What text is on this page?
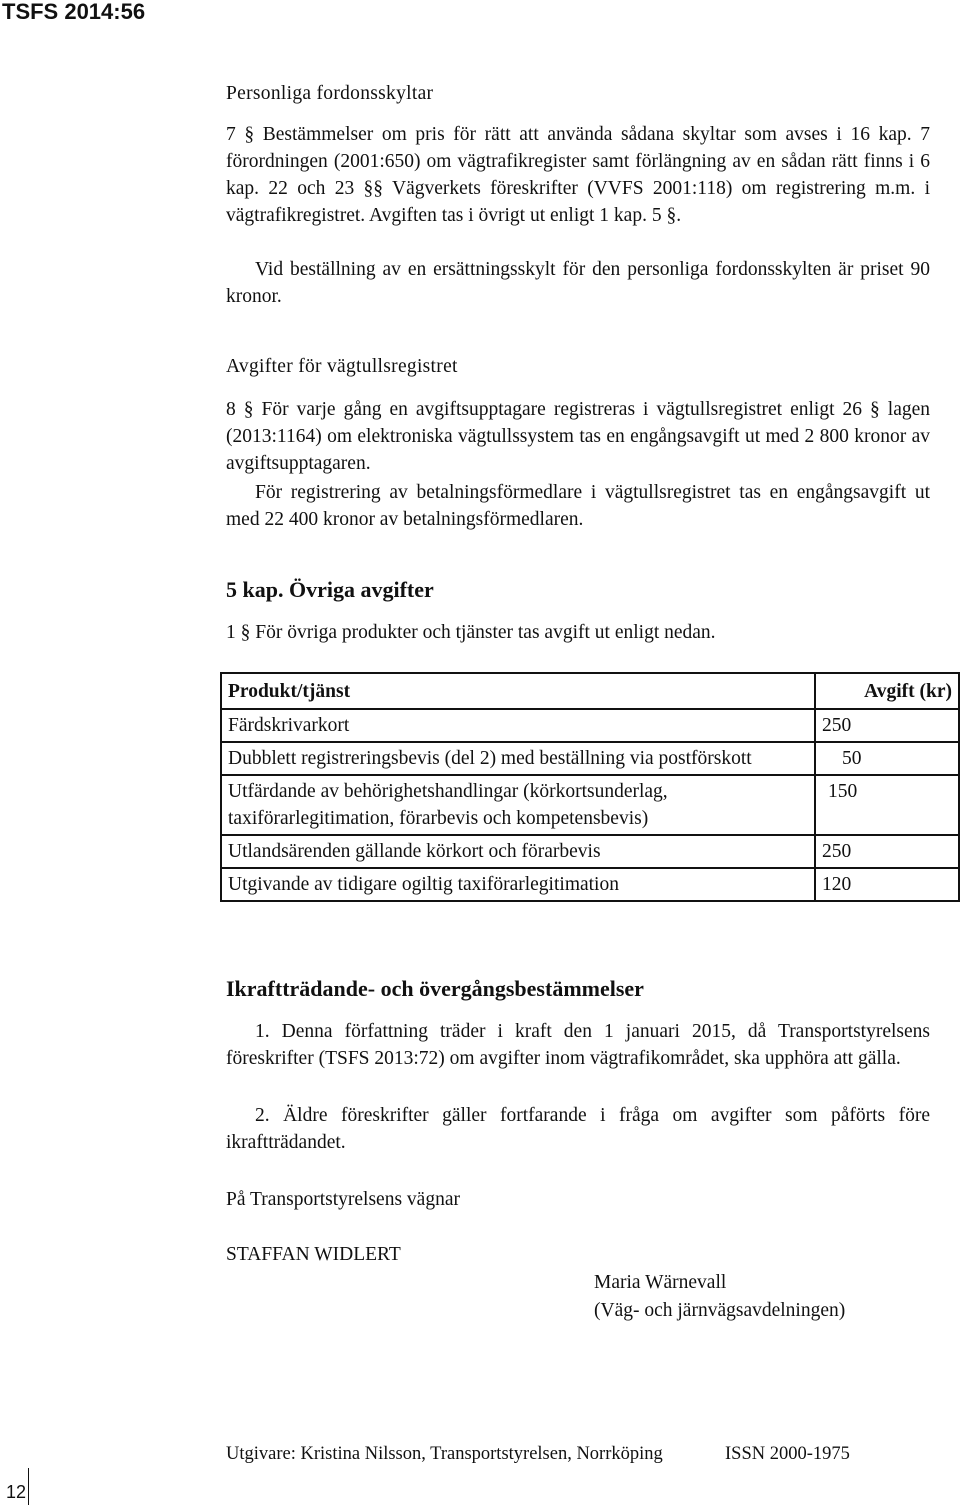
TSFS 2014:56
Personliga fordonsskyltar
7 § Bestämmelser om pris för rätt att använda sådana skyltar som avses i 16 kap. 7 förordningen (2001:650) om vägtrafikregister samt förlängning av en sådan rätt finns i 6 kap. 22 och 23 §§ Vägverkets föreskrifter (VVFS 2001:118) om registrering m.m. i vägtrafikregistret. Avgiften tas i övrigt ut enligt 1 kap. 5 §.
Vid beställning av en ersättningsskylt för den personliga fordonsskylten är priset 90 kronor.
Avgifter för vägtullsregistret
8 § För varje gång en avgiftsupptagare registreras i vägtullsregistret enligt 26 § lagen (2013:1164) om elektroniska vägtullssystem tas en engångsavgift ut med 2 800 kronor av avgiftsupptagaren.
För registrering av betalningsförmedlare i vägtullsregistret tas en engångsavgift ut med 22 400 kronor av betalningsförmedlaren.
5 kap. Övriga avgifter
1 § För övriga produkter och tjänster tas avgift ut enligt nedan.
Produkt/tjänst	Avgift (kr)
Färdskrivarkort	250
Dubblett registreringsbevis (del 2) med beställning via postförskott	50
Utfärdande av behörighetshandlingar (körkortsunderlag, taxiförarlegitimation, förarbevis och kompetensbevis)	150
Utlandsärenden gällande körkort och förarbevis	250
Utgivande av tidigare ogiltig taxiförarlegitimation	120
Ikraftträdande- och övergångsbestämmelser
1. Denna författning träder i kraft den 1 januari 2015, då Transportstyrelsens föreskrifter (TSFS 2013:72) om avgifter inom vägtrafikområdet, ska upphöra att gälla.
2. Äldre föreskrifter gäller fortfarande i fråga om avgifter som påförts före ikraftträdandet.
På Transportstyrelsens vägnar
STAFFAN WIDLERT
Maria Wärnevall
(Väg- och järnvägsavdelningen)
Utgivare: Kristina Nilsson, Transportstyrelsen, Norrköping	ISSN 2000-1975
12
